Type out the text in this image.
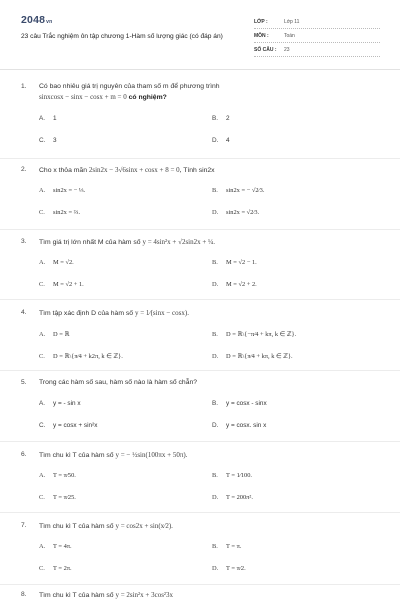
2048vn
23 câu Trắc nghiệm ôn tập chương 1-Hàm số lượng giác (có đáp án)
LỚP :	Lớp 11
MÔN :	Toán
SỐ CÂU : 23
1. Có bao nhiêu giá trị nguyên của tham số m để phương trình
sinxcosx − sinx − cosx + m = 0 có nghiệm?
A. 1	B. 2
C. 3	D. 4
2. Cho x thỏa mãn 2sin2x − 3√6sinx + cosx + 8 = 0, Tính sin2x
A. sin2x = − ⅓.	B. sin2x = − √2⁄3.
C. sin2x = ⅔.	D. sin2x = √2⁄3.
3. Tìm giá trị lớn nhất M của hàm số y = 4sin²x + √2sin2x + ¼.
A. M = √2.	B. M = √2 − 1.
C. M = √2 + 1.	D. M = √2 + 2.
4. Tìm tập xác định D của hàm số y = 1⁄(sinx − cosx).
A. D = ℝ	B. D = ℝ\{−π⁄4 + kπ, k ∈ ℤ}.
C. D = ℝ\{π⁄4 + k2π, k ∈ ℤ}.	D. D = ℝ\{π⁄4 + kπ, k ∈ ℤ}.
5. Trong các hàm số sau, hàm số nào là hàm số chẵn?
A. y = - sin x	B. y = cosx - sinx
C. y = cosx + sin²x	D. y = cosx. sin x
6. Tìm chu kì T của hàm số y = − ½sin(100πx + 50π).
A. T = π⁄50.	B. T = 1⁄100.
C. T = π⁄25.	D. T = 200π².
7. Tìm chu kì T của hàm số y = cos2x + sin(x⁄2).
A. T = 4π.	B. T = π.
C. T = 2π.	D. T = π⁄2.
8. Tìm chu kì T của hàm số y = 2sin²x + 3cos²3x
